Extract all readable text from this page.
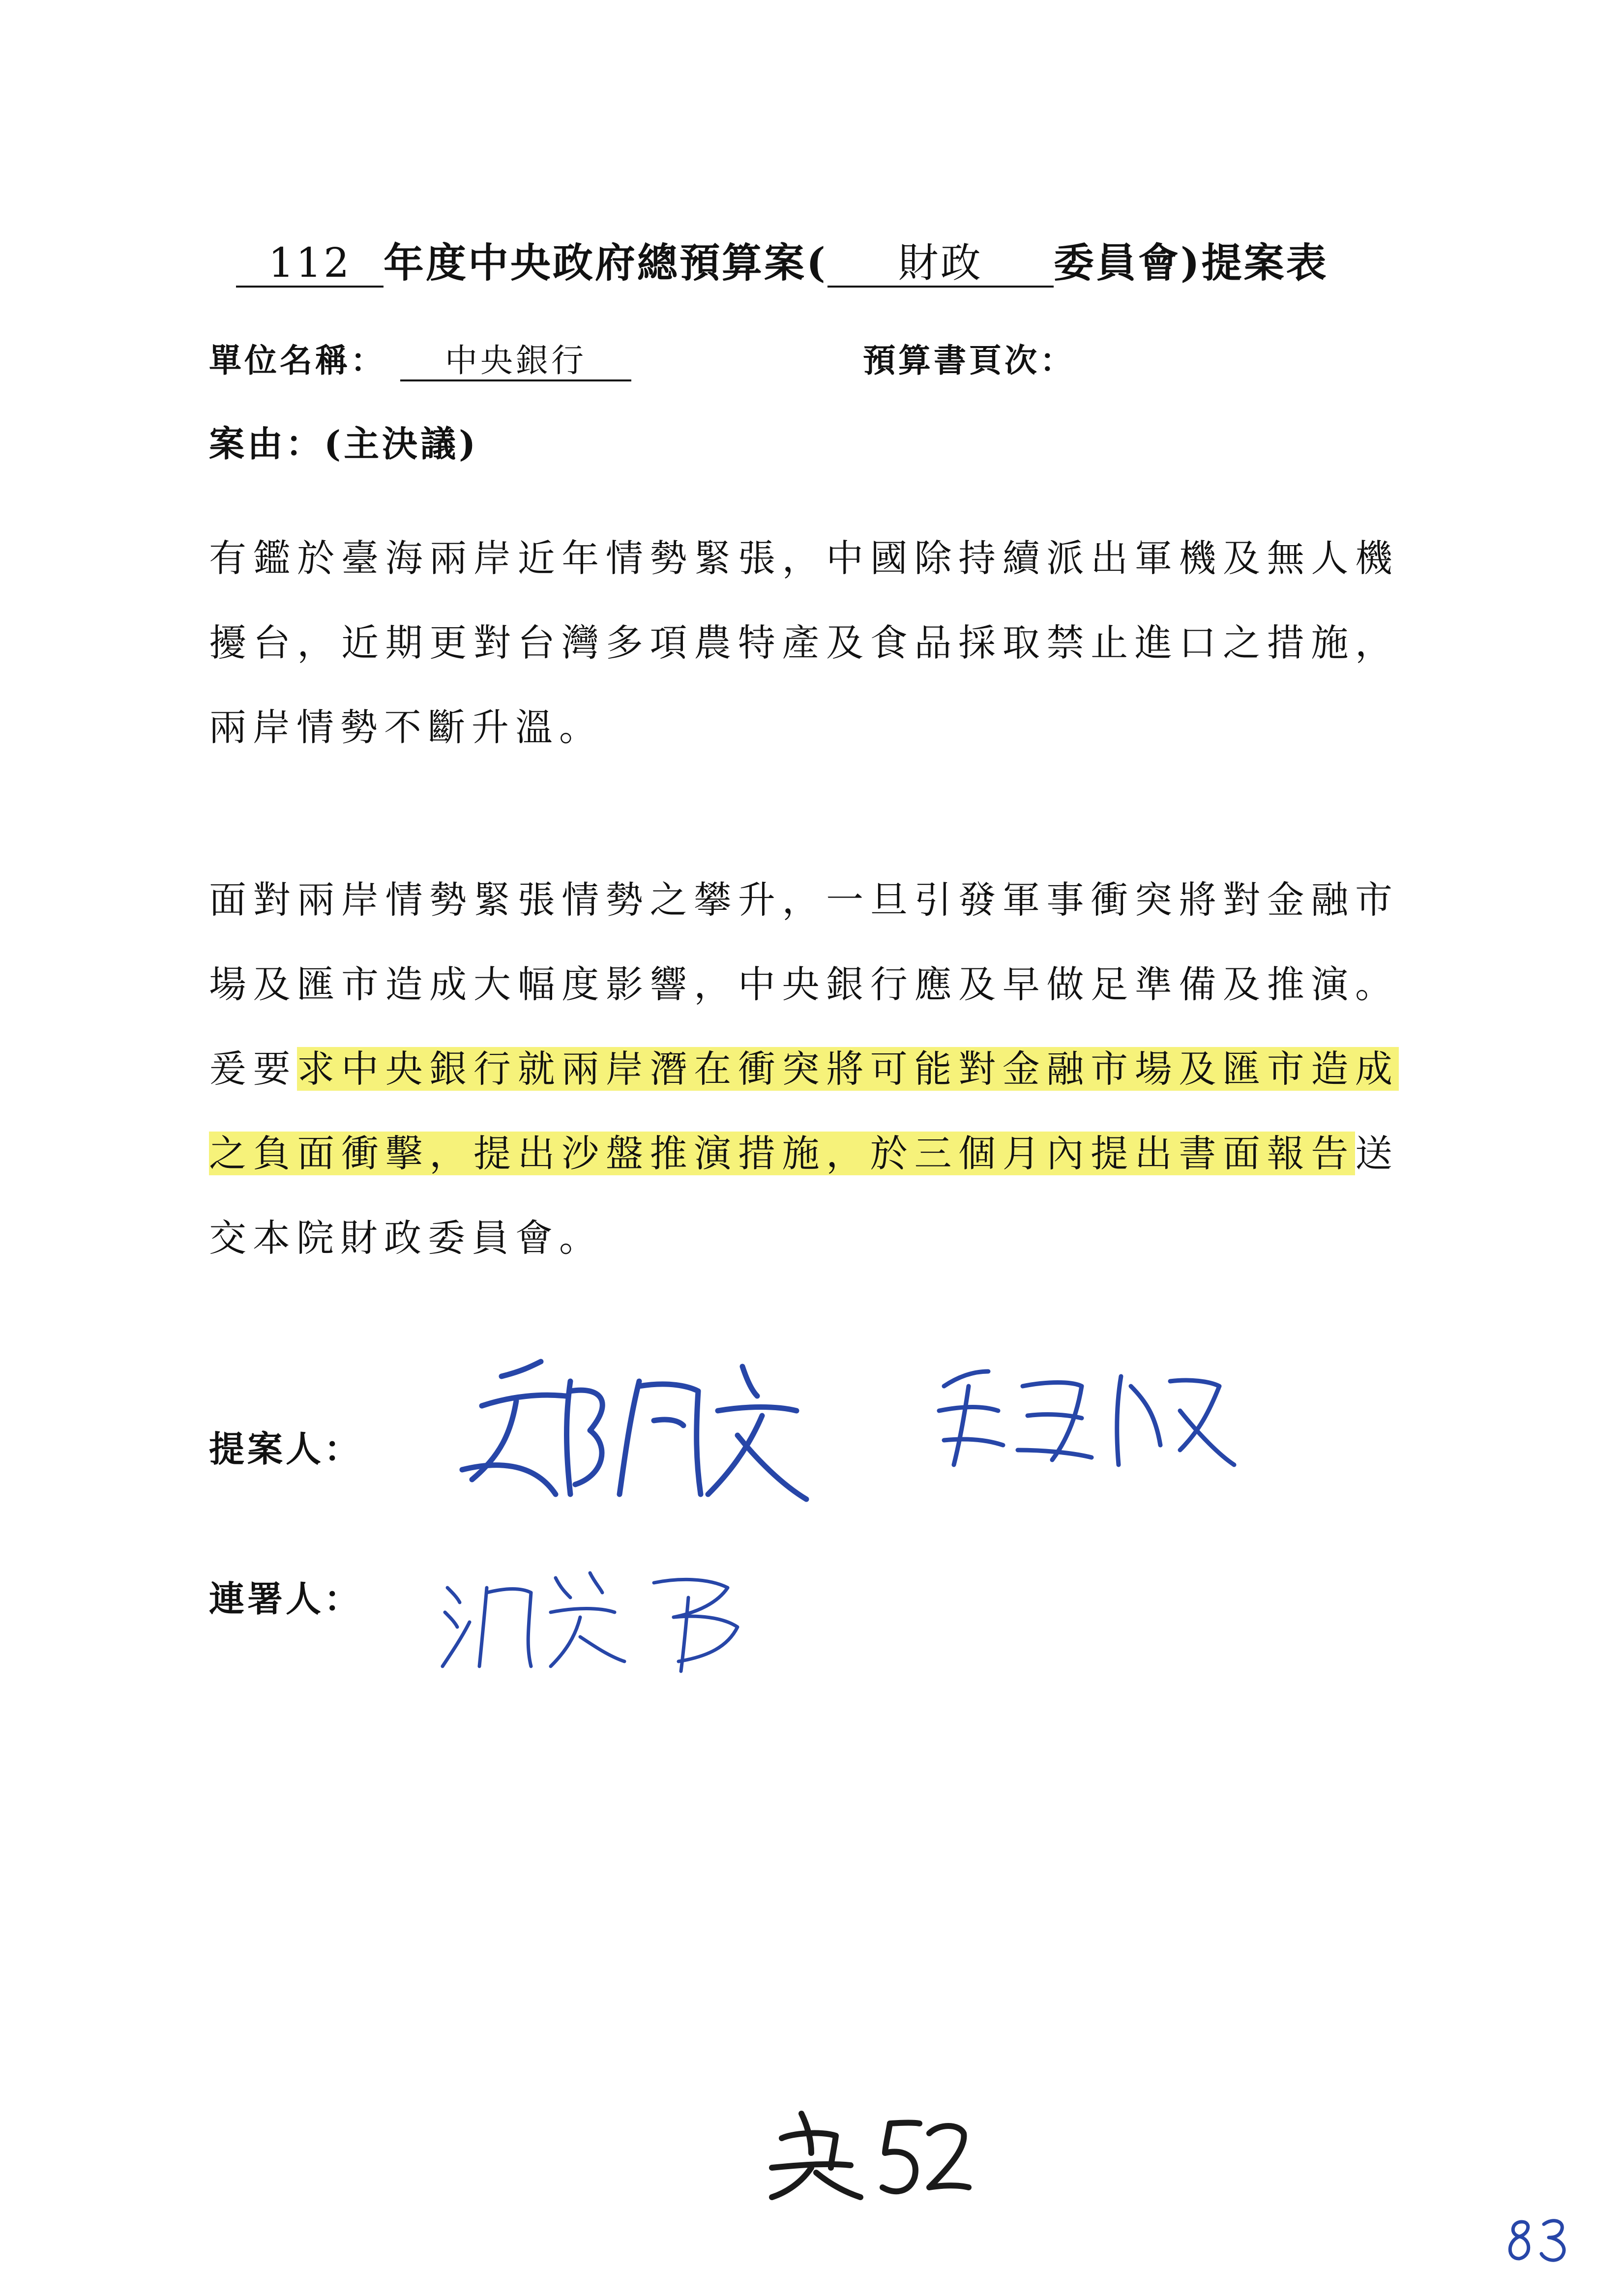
112 年度中央政府總預算案( 財政 委員會)提案表
單位名稱： 中央銀行	預算書頁次：
案由：(主決議)

有鑑於臺海兩岸近年情勢緊張，中國除持續派出軍機及無人機擾台，近期更對台灣多項農特產及食品採取禁止進口之措施，兩岸情勢不斷升溫。

面對兩岸情勢緊張情勢之攀升，一旦引發軍事衝突將對金融市場及匯市造成大幅度影響，中央銀行應及早做足準備及推演。爰要求中央銀行就兩岸潛在衝突將可能對金融市場及匯市造成之負面衝擊，提出沙盤推演措施，於三個月內提出書面報告送交本院財政委員會。

提案人：
連署人：
